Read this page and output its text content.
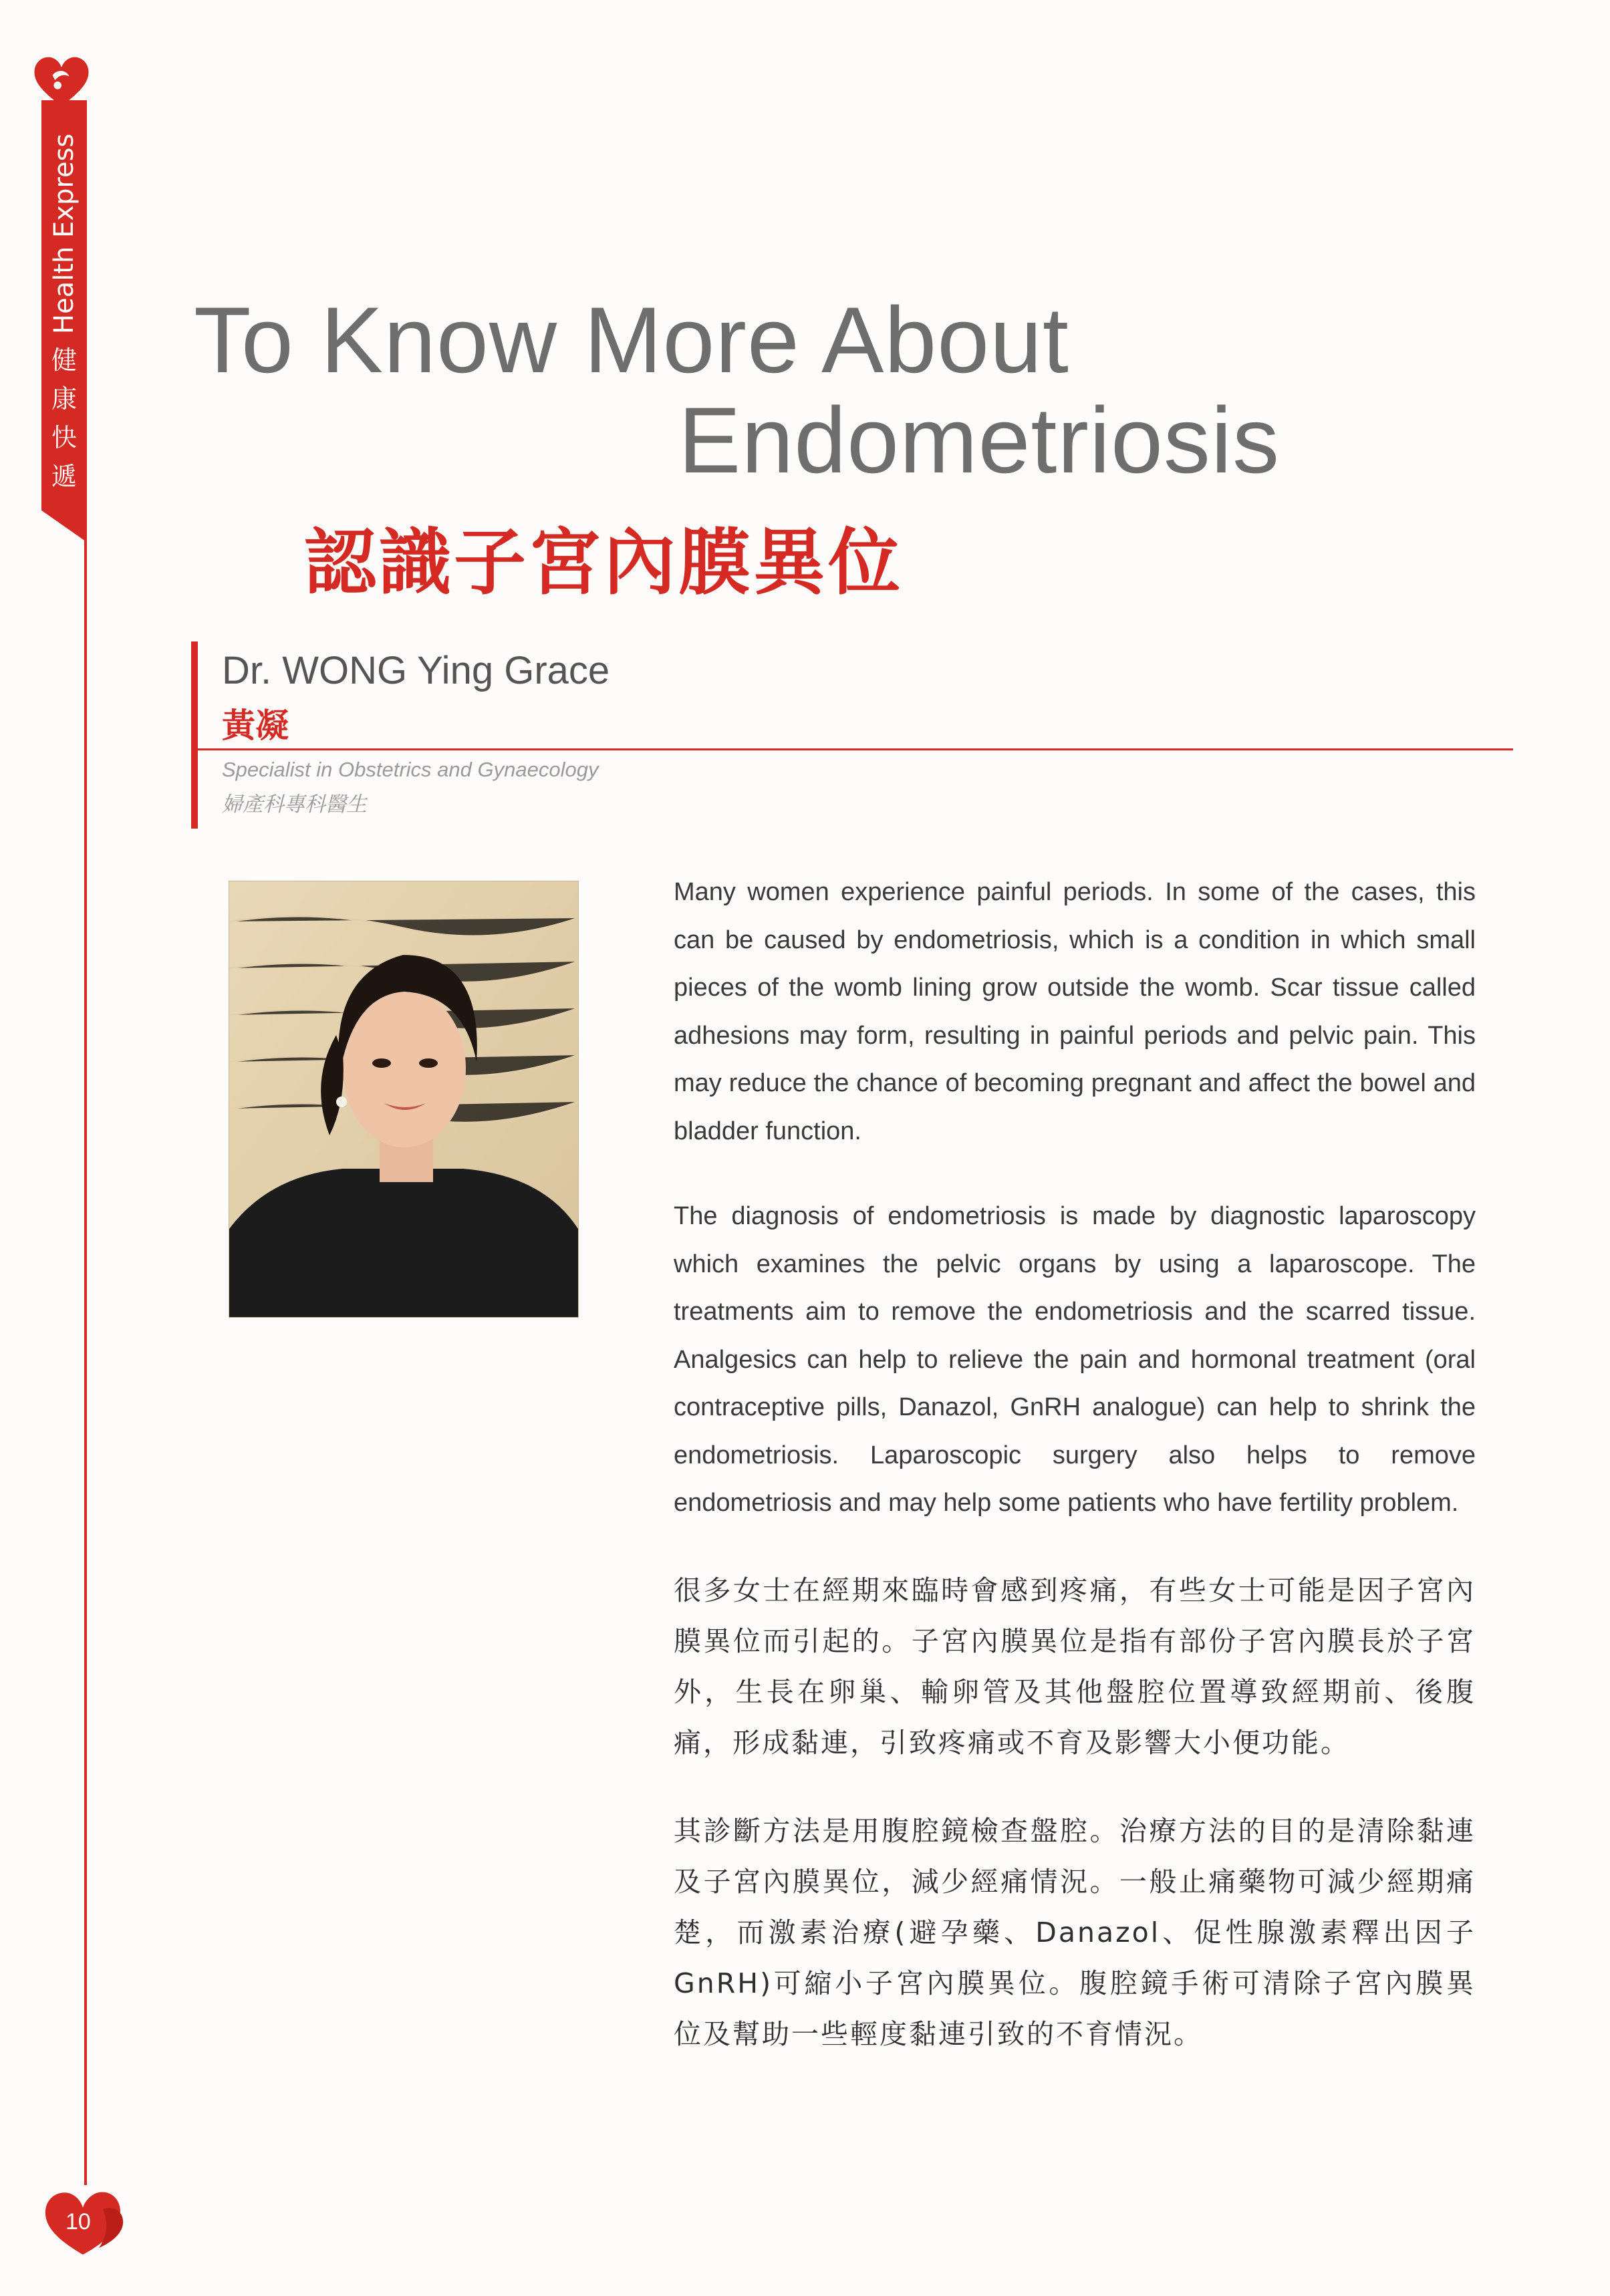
Health Express
健
康
快
遞
10
To Know More About
Endometriosis
認識子宮內膜異位
Dr. WONG Ying Grace
黃凝
Specialist in Obstetrics and Gynaecology
婦產科專科醫生

Many women experience painful periods. In some of the cases, this can be caused by endometriosis, which is a condition in which small pieces of the womb lining grow outside the womb. Scar tissue called adhesions may form, resulting in painful periods and pelvic pain. This may reduce the chance of becoming pregnant and affect the bowel and bladder function.

The diagnosis of endometriosis is made by diagnostic laparoscopy which examines the pelvic organs by using a laparoscope. The treatments aim to remove the endometriosis and the scarred tissue. Analgesics can help to relieve the pain and hormonal treatment (oral contraceptive pills, Danazol, GnRH analogue) can help to shrink the endometriosis. Laparoscopic surgery also helps to remove endometriosis and may help some patients who have fertility problem.

很多女士在經期來臨時會感到疼痛，有些女士可能是因子宮內膜異位而引起的。子宮內膜異位是指有部份子宮內膜長於子宮外，生長在卵巢、輸卵管及其他盤腔位置導致經期前、後腹痛，形成黏連，引致疼痛或不育及影響大小便功能。

其診斷方法是用腹腔鏡檢查盤腔。治療方法的目的是清除黏連及子宮內膜異位，減少經痛情況。一般止痛藥物可減少經期痛楚，而激素治療(避孕藥、Danazol、促性腺激素釋出因子GnRH)可縮小子宮內膜異位。腹腔鏡手術可清除子宮內膜異位及幫助一些輕度黏連引致的不育情況。
